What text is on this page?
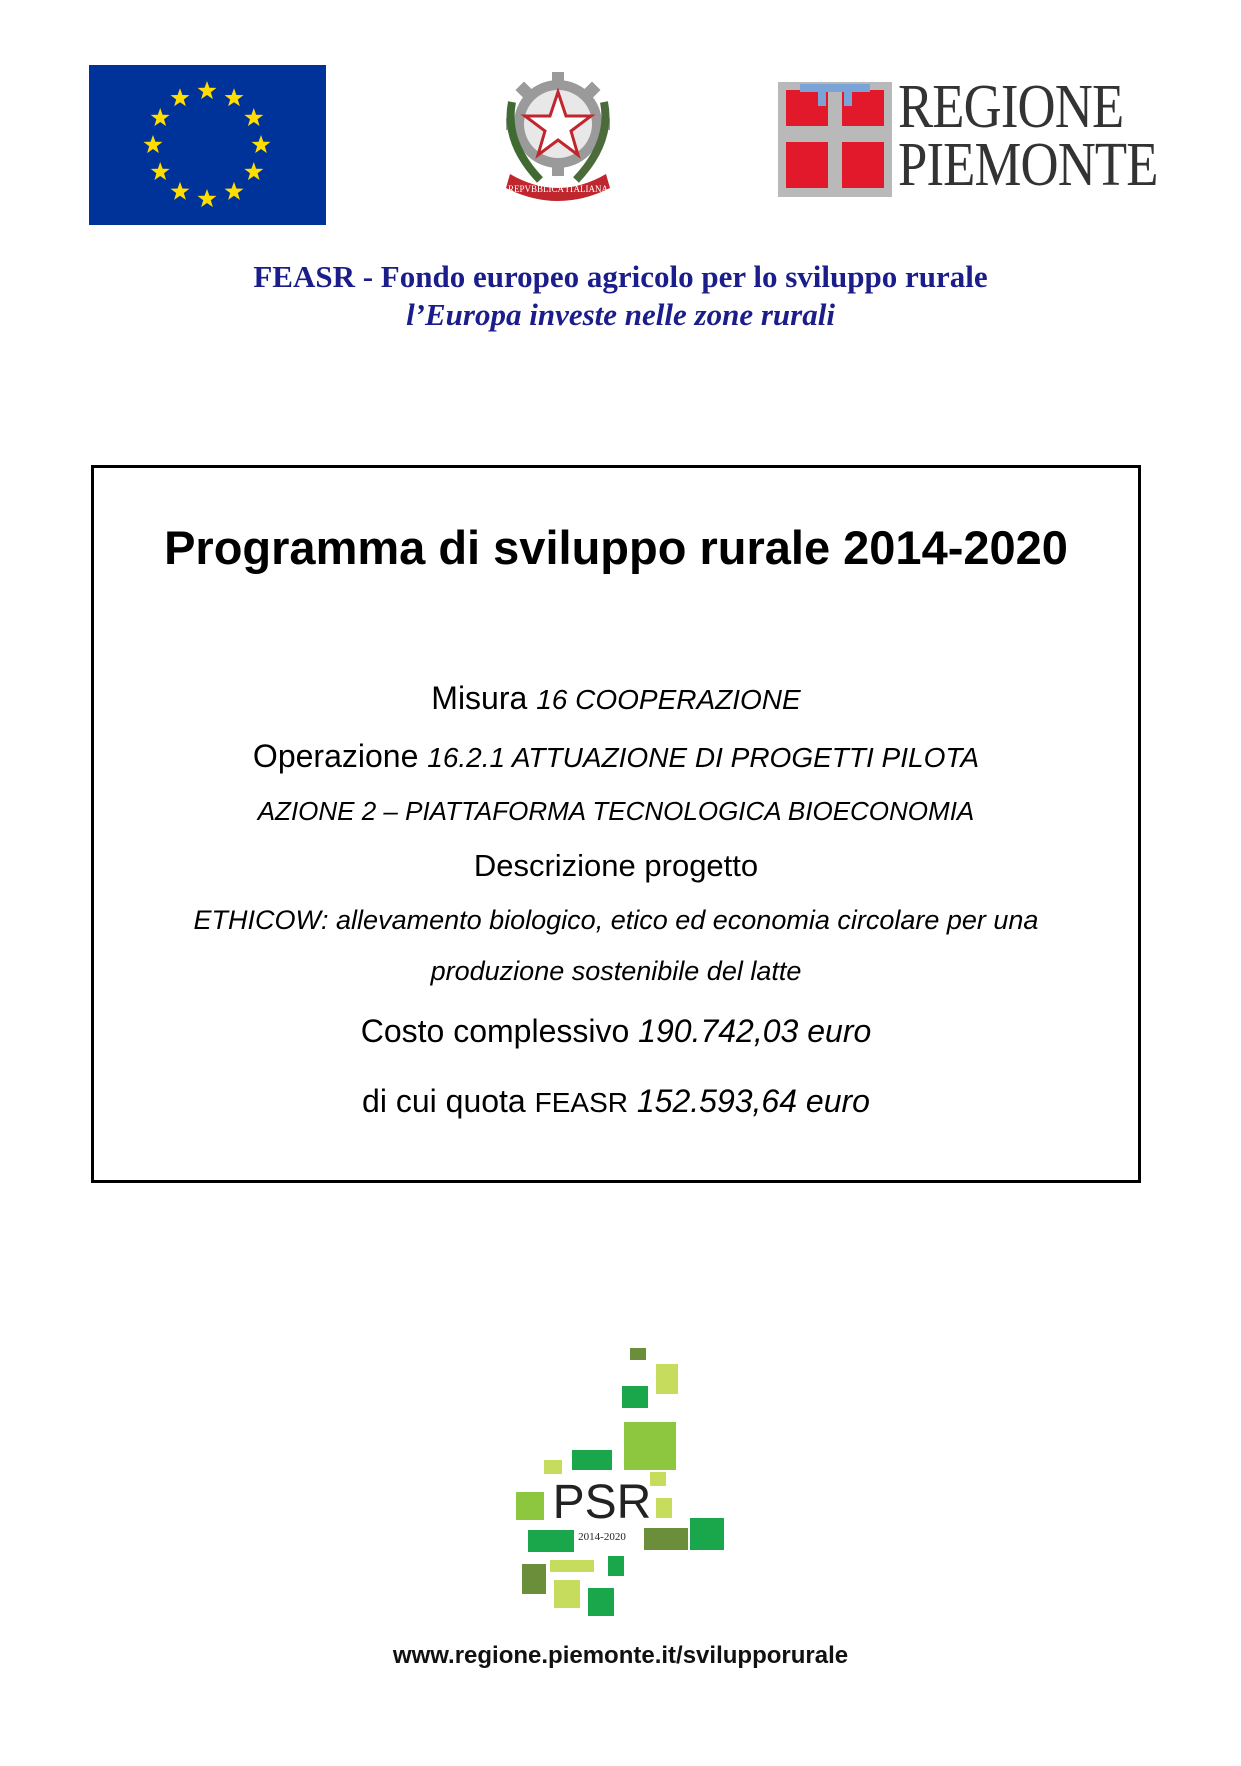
REPVBBLICA ITALIANA
REGIONE
PIEMONTE
FEASR - Fondo europeo agricolo per lo sviluppo rurale
l’Europa investe nelle zone rurali
Programma di sviluppo rurale 2014-2020
Misura 16 COOPERAZIONE
Operazione 16.2.1 ATTUAZIONE DI PROGETTI PILOTA
AZIONE 2 – PIATTAFORMA TECNOLOGICA BIOECONOMIA
Descrizione progetto
ETHICOW: allevamento biologico, etico ed economia circolare per una
produzione sostenibile del latte
Costo complessivo 190.742,03 euro
di cui quota FEASR 152.593,64 euro
PSR
2014-2020
www.regione.piemonte.it/svilupporurale
